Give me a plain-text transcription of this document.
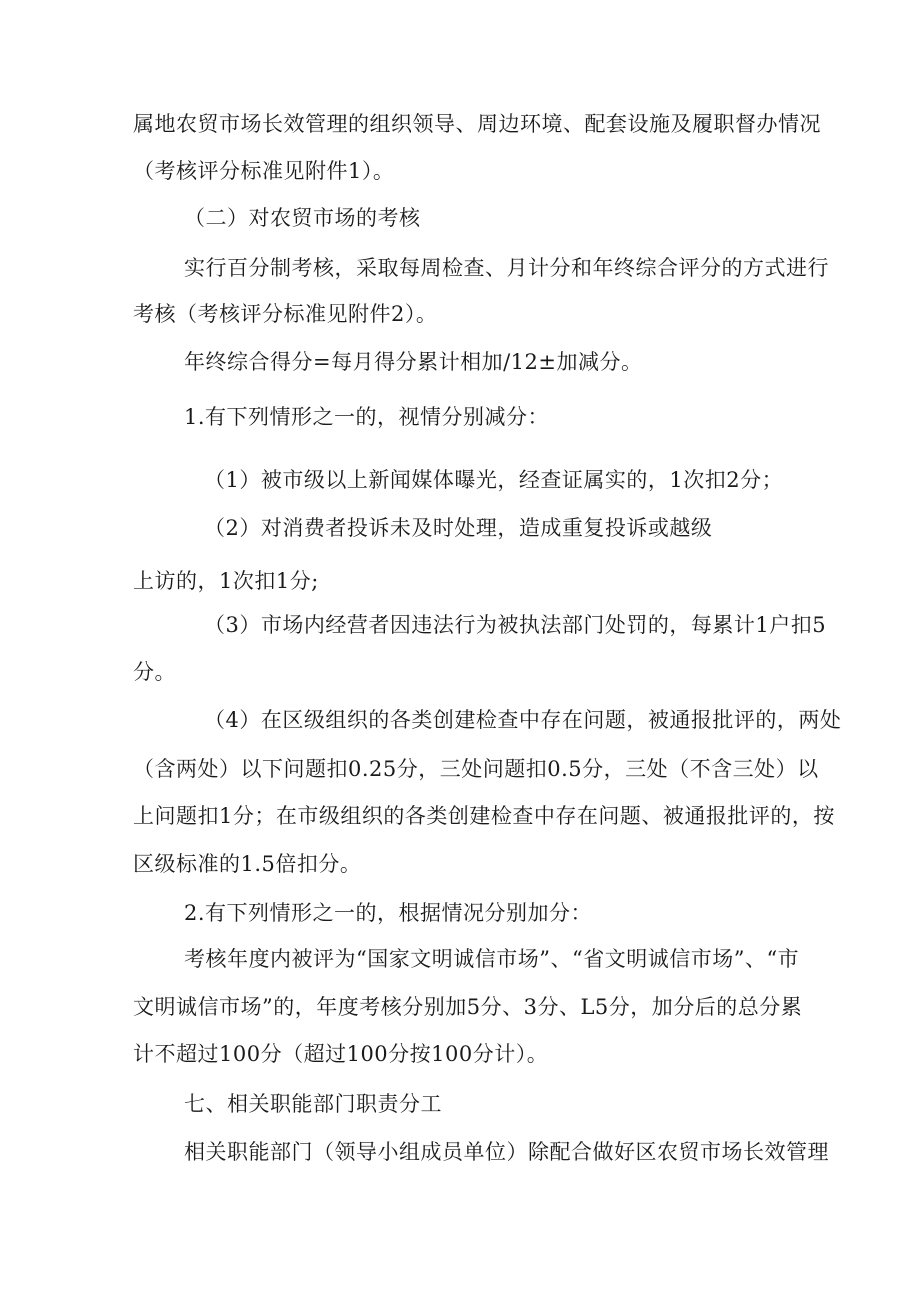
属地农贸市场长效管理的组织领导、周边环境、配套设施及履职督办情况
（考核评分标准见附件1）。
（二）对农贸市场的考核
实行百分制考核，采取每周检查、月计分和年终综合评分的方式进行
考核（考核评分标准见附件2）。
年终综合得分=每月得分累计相加/12±加减分。
1.有下列情形之一的，视情分别减分：
（1）被市级以上新闻媒体曝光，经查证属实的，1次扣2分；
（2）对消费者投诉未及时处理，造成重复投诉或越级
上访的，1次扣1分;
（3）市场内经营者因违法行为被执法部门处罚的，每累计1户扣5
分。
（4）在区级组织的各类创建检查中存在问题，被通报批评的，两处
（含两处）以下问题扣0.25分，三处问题扣0.5分，三处（不含三处）以
上问题扣1分；在市级组织的各类创建检查中存在问题、被通报批评的，按
区级标准的1.5倍扣分。
2.有下列情形之一的，根据情况分别加分：
考核年度内被评为“国家文明诚信市场”、“省文明诚信市场”、“市
文明诚信市场”的，年度考核分别加5分、3分、L5分，加分后的总分累
计不超过100分（超过100分按100分计）。
七、相关职能部门职责分工
相关职能部门（领导小组成员单位）除配合做好区农贸市场长效管理
